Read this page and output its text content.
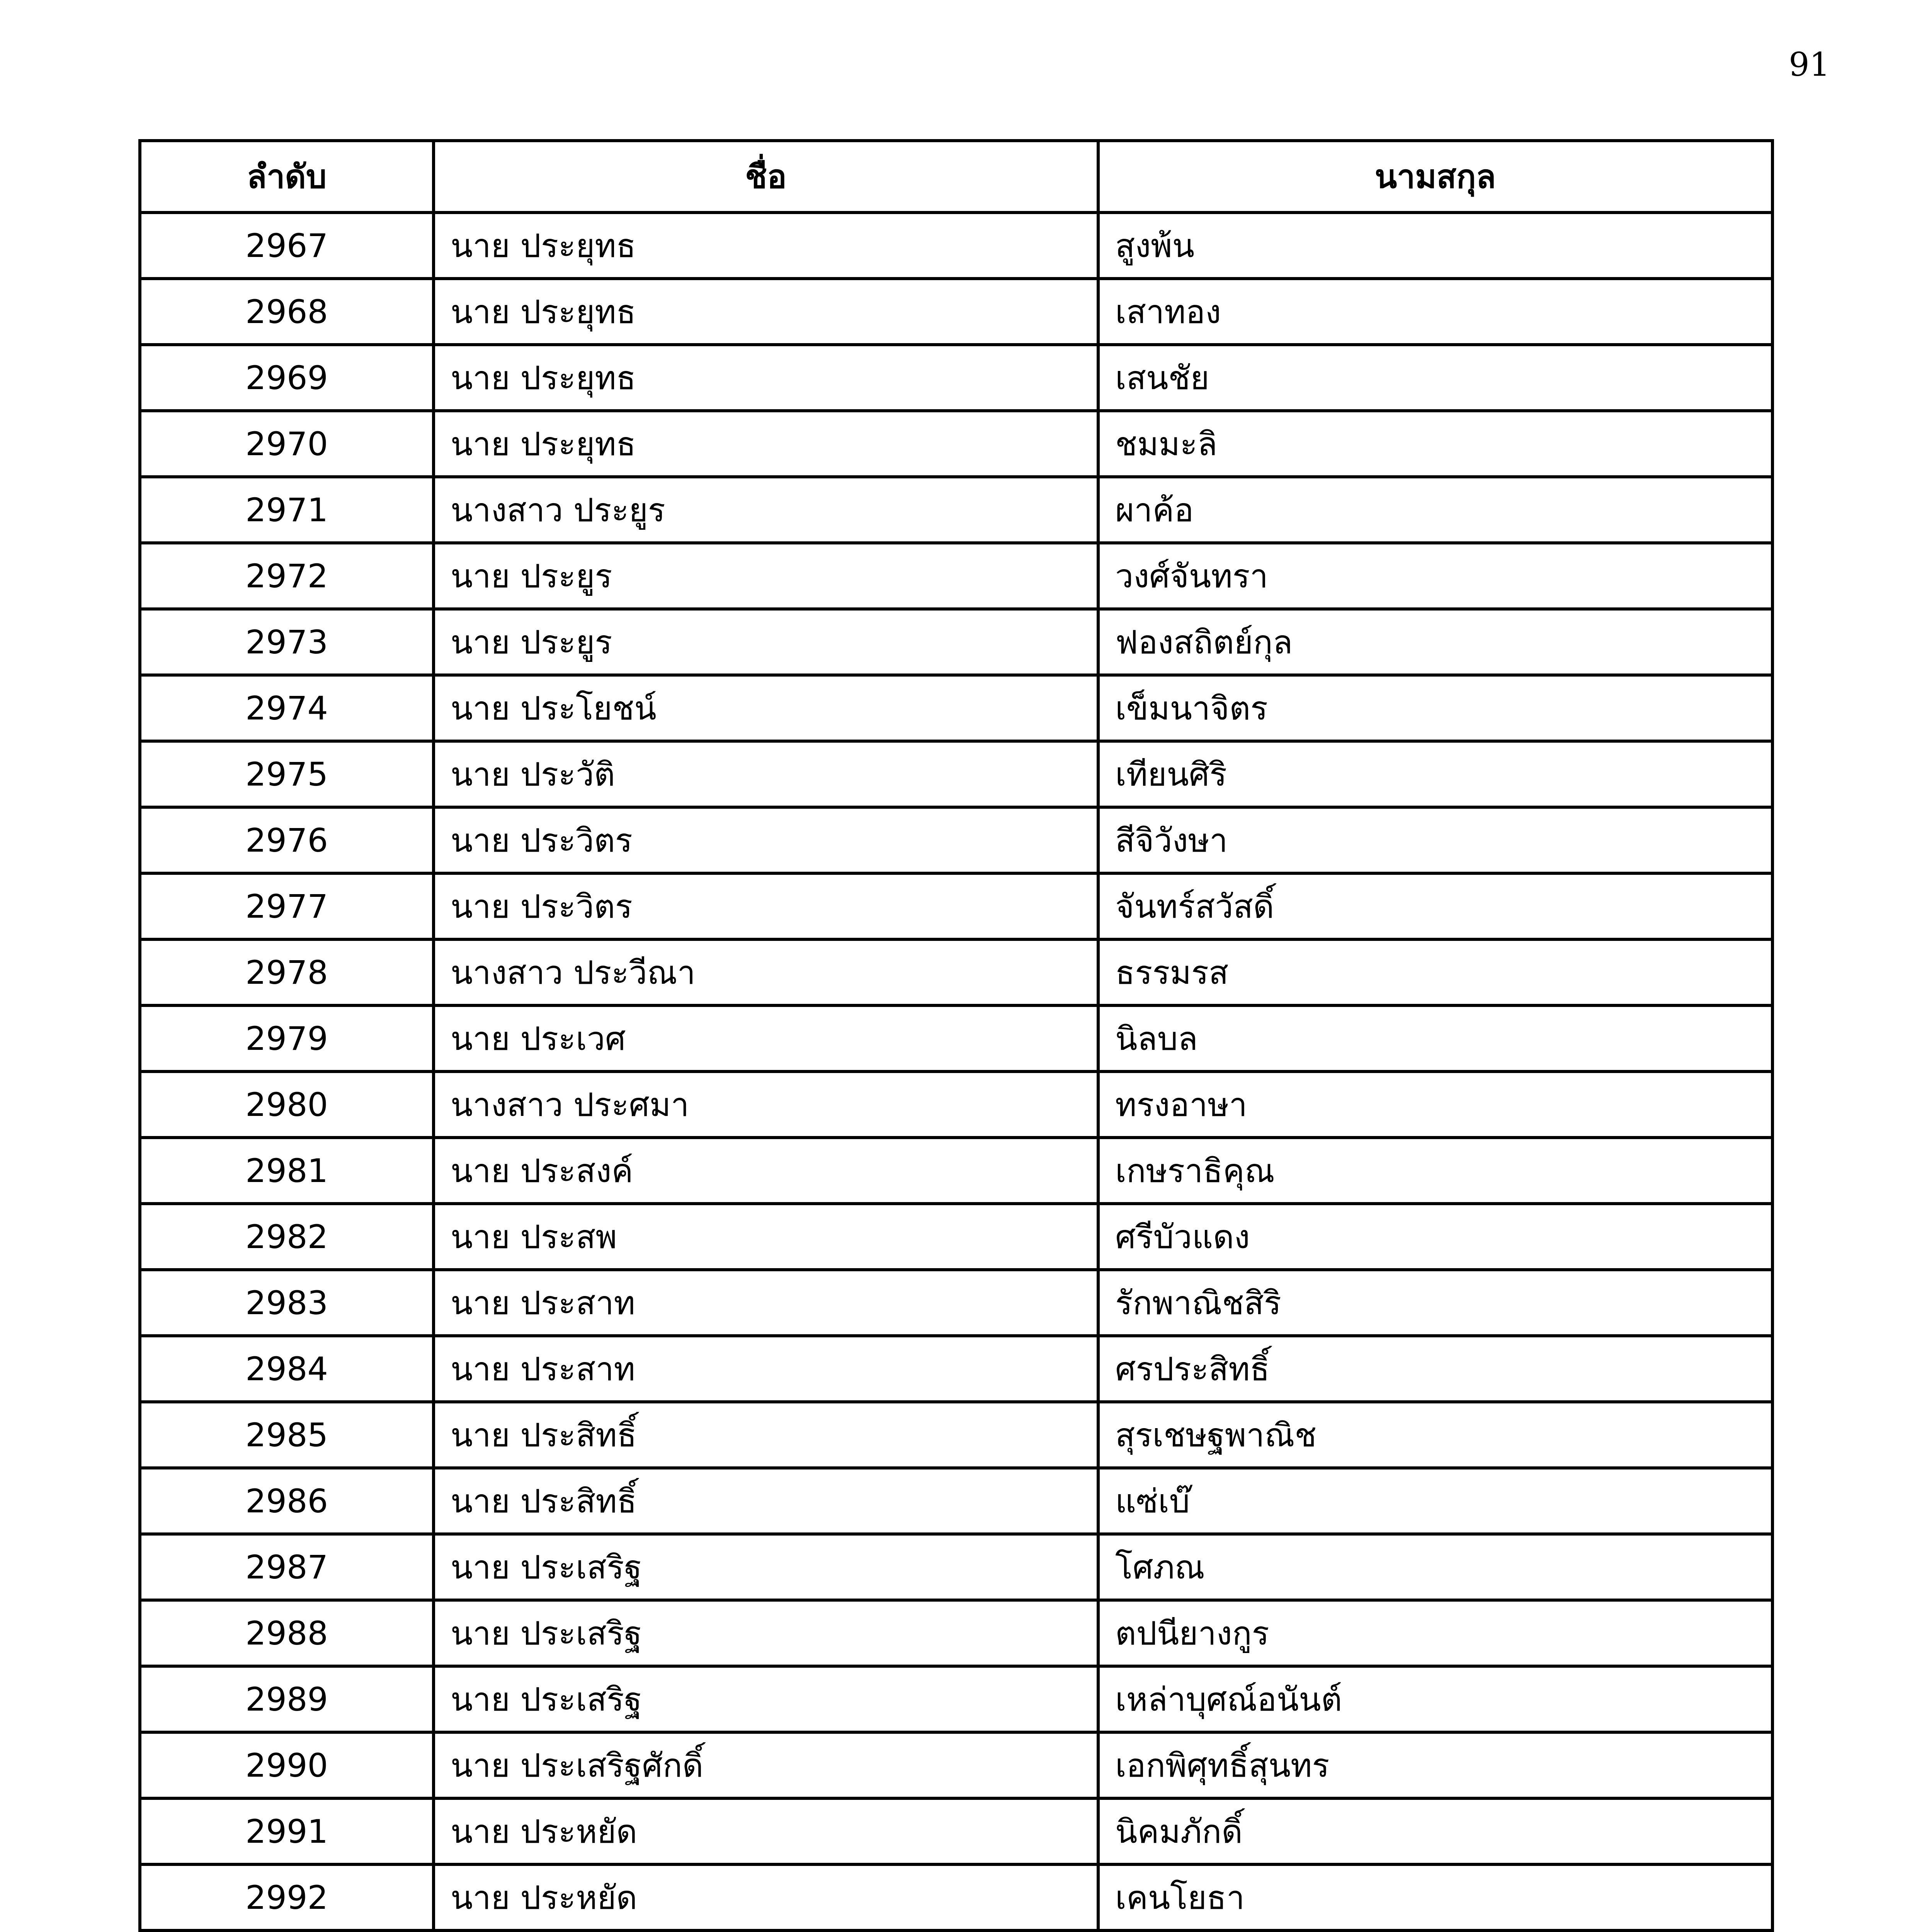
91
ลำดับ	ชื่อ	นามสกุล
2967	นาย ประยุทธ	สูงพ้น
2968	นาย ประยุทธ	เสาทอง
2969	นาย ประยุทธ	เสนชัย
2970	นาย ประยุทธ	ชมมะลิ
2971	นางสาว ประยูร	ผาค้อ
2972	นาย ประยูร	วงศ์จันทรา
2973	นาย ประยูร	ฟองสถิตย์กุล
2974	นาย ประโยชน์	เข็มนาจิตร
2975	นาย ประวัติ	เทียนศิริ
2976	นาย ประวิตร	สีจิวังษา
2977	นาย ประวิตร	จันทร์สวัสดิ์
2978	นางสาว ประวีณา	ธรรมรส
2979	นาย ประเวศ	นิลบล
2980	นางสาว ประศมา	ทรงอาษา
2981	นาย ประสงค์	เกษราธิคุณ
2982	นาย ประสพ	ศรีบัวแดง
2983	นาย ประสาท	รักพาณิชสิริ
2984	นาย ประสาท	ศรประสิทธิ์
2985	นาย ประสิทธิ์	สุรเชษฐพาณิช
2986	นาย ประสิทธิ์	แซ่เบ๊
2987	นาย ประเสริฐ	โศภณ
2988	นาย ประเสริฐ	ตปนียางกูร
2989	นาย ประเสริฐ	เหล่าบุศณ์อนันต์
2990	นาย ประเสริฐศักดิ์	เอกพิศุทธิ์สุนทร
2991	นาย ประหยัด	นิคมภักดิ์
2992	นาย ประหยัด	เคนโยธา
